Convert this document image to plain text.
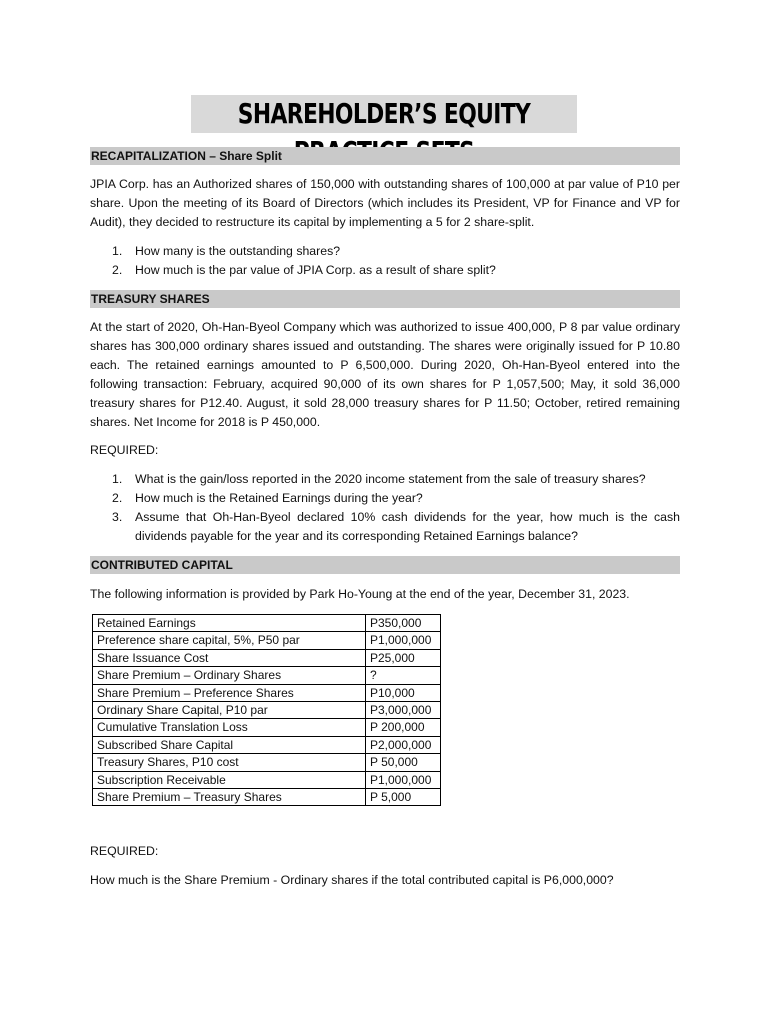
SHAREHOLDER’S EQUITY
RECAPITALIZATION – Share Split

JPIA Corp. has an Authorized shares of 150,000 with outstanding shares of 100,000 at par value of P10 per share. Upon the meeting of its Board of Directors (which includes its President, VP for Finance and VP for Audit), they decided to restructure its capital by implementing a 5 for 2 share-split.

1. How many is the outstanding shares?
2. How much is the par value of JPIA Corp. as a result of share split?
TREASURY SHARES

At the start of 2020, Oh-Han-Byeol Company which was authorized to issue 400,000, P 8 par value ordinary shares has 300,000 ordinary shares issued and outstanding. The shares were originally issued for P 10.80 each. The retained earnings amounted to P 6,500,000. During 2020, Oh-Han-Byeol entered into the following transaction: February, acquired 90,000 of its own shares for P 1,057,500; May, it sold 36,000 treasury shares for P12.40. August, it sold 28,000 treasury shares for P 11.50; October, retired remaining shares. Net Income for 2018 is P 450,000.

REQUIRED:

1. What is the gain/loss reported in the 2020 income statement from the sale of treasury shares?
2. How much is the Retained Earnings during the year?
3. Assume that Oh-Han-Byeol declared 10% cash dividends for the year, how much is the cash dividends payable for the year and its corresponding Retained Earnings balance?
CONTRIBUTED CAPITAL

The following information is provided by Park Ho-Young at the end of the year, December 31, 2023.

Retained Earnings	P350,000
Preference share capital, 5%, P50 par	P1,000,000
Share Issuance Cost	P25,000
Share Premium – Ordinary Shares	?
Share Premium – Preference Shares	P10,000
Ordinary Share Capital, P10 par	P3,000,000
Cumulative Translation Loss	P 200,000
Subscribed Share Capital	P2,000,000
Treasury Shares, P10 cost	P 50,000
Subscription Receivable	P1,000,000
Share Premium – Treasury Shares	P 5,000

REQUIRED:

How much is the Share Premium - Ordinary shares if the total contributed capital is P6,000,000?
